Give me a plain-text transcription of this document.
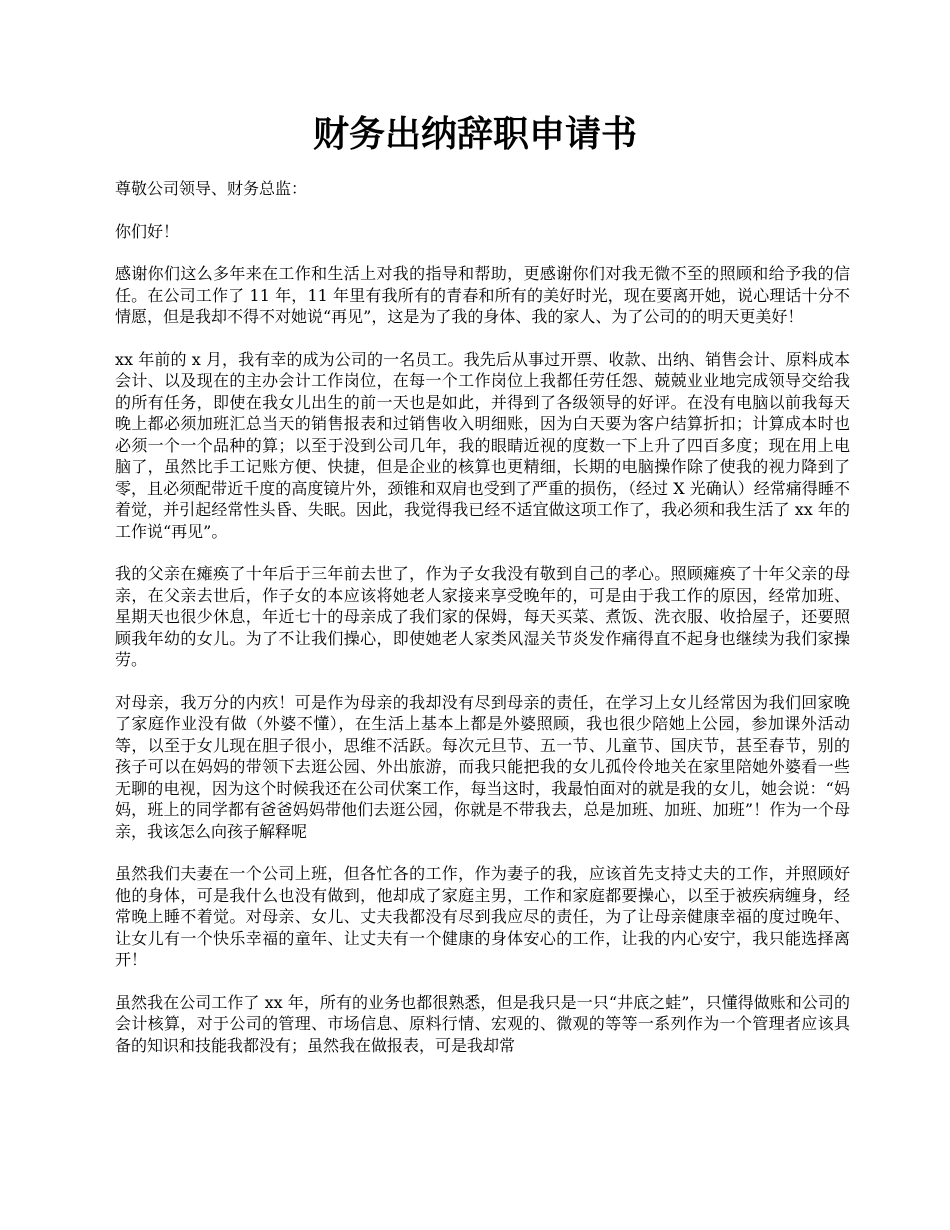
财务出纳辞职申请书

尊敬公司领导、财务总监：

你们好！

感谢你们这么多年来在工作和生活上对我的指导和帮助，更感谢你们对我无微不至的照顾和给予我的信任。在公司工作了 11 年，11 年里有我所有的青春和所有的美好时光，现在要离开她，说心理话十分不情愿，但是我却不得不对她说“再见”，这是为了我的身体、我的家人、为了公司的的明天更美好！

xx 年前的 x 月，我有幸的成为公司的一名员工。我先后从事过开票、收款、出纳、销售会计、原料成本会计、以及现在的主办会计工作岗位，在每一个工作岗位上我都任劳任怨、兢兢业业地完成领导交给我的所有任务，即使在我女儿出生的前一天也是如此，并得到了各级领导的好评。在没有电脑以前我每天晚上都必须加班汇总当天的销售报表和过销售收入明细账，因为白天要为客户结算折扣；计算成本时也必须一个一个品种的算；以至于没到公司几年，我的眼睛近视的度数一下上升了四百多度；现在用上电脑了，虽然比手工记账方便、快捷，但是企业的核算也更精细，长期的电脑操作除了使我的视力降到了零，且必须配带近千度的高度镜片外，颈锥和双肩也受到了严重的损伤，（经过 X 光确认）经常痛得睡不着觉，并引起经常性头昏、失眠。因此，我觉得我已经不适宜做这项工作了，我必须和我生活了 xx 年的工作说“再见”。

我的父亲在瘫痪了十年后于三年前去世了，作为子女我没有敬到自己的孝心。照顾瘫痪了十年父亲的母亲，在父亲去世后，作子女的本应该将她老人家接来享受晚年的，可是由于我工作的原因，经常加班、星期天也很少休息，年近七十的母亲成了我们家的保姆，每天买菜、煮饭、洗衣服、收拾屋子，还要照顾我年幼的女儿。为了不让我们操心，即使她老人家类风湿关节炎发作痛得直不起身也继续为我们家操劳。

对母亲，我万分的内疚！可是作为母亲的我却没有尽到母亲的责任，在学习上女儿经常因为我们回家晚了家庭作业没有做（外婆不懂），在生活上基本上都是外婆照顾，我也很少陪她上公园，参加课外活动等，以至于女儿现在胆子很小，思维不活跃。每次元旦节、五一节、儿童节、国庆节，甚至春节，别的孩子可以在妈妈的带领下去逛公园、外出旅游，而我只能把我的女儿孤伶伶地关在家里陪她外婆看一些无聊的电视，因为这个时候我还在公司伏案工作，每当这时，我最怕面对的就是我的女儿，她会说：“妈妈，班上的同学都有爸爸妈妈带他们去逛公园，你就是不带我去，总是加班、加班、加班”！作为一个母亲，我该怎么向孩子解释呢

虽然我们夫妻在一个公司上班，但各忙各的工作，作为妻子的我，应该首先支持丈夫的工作，并照顾好他的身体，可是我什么也没有做到，他却成了家庭主男，工作和家庭都要操心，以至于被疾病缠身，经常晚上睡不着觉。对母亲、女儿、丈夫我都没有尽到我应尽的责任，为了让母亲健康幸福的度过晚年、让女儿有一个快乐幸福的童年、让丈夫有一个健康的身体安心的工作，让我的内心安宁，我只能选择离开！

虽然我在公司工作了 xx 年，所有的业务也都很熟悉，但是我只是一只“井底之蛙”，只懂得做账和公司的会计核算，对于公司的管理、市场信息、原料行情、宏观的、微观的等等一系列作为一个管理者应该具备的知识和技能我都没有；虽然我在做报表，可是我却常
